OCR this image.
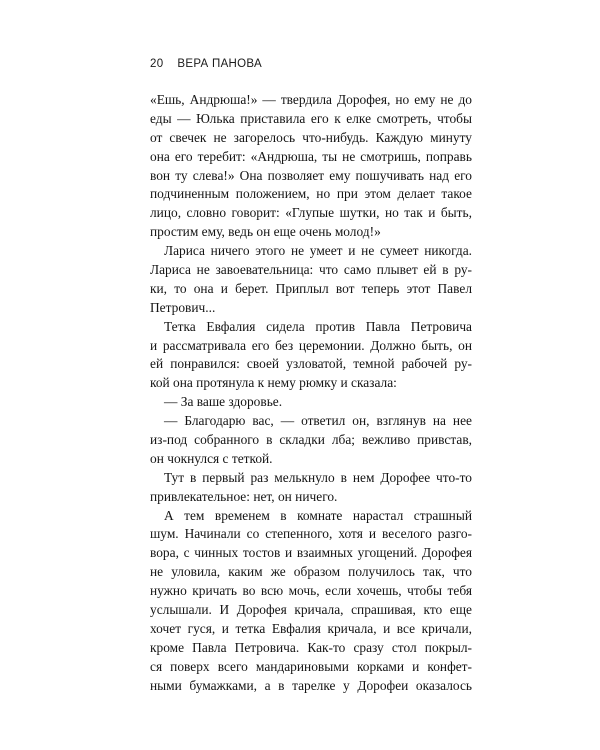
20 ВЕРА ПАНОВА
«Ешь, Андрюша!» — твердила Дорофея, но ему не до
еды — Юлька приставила его к елке смотреть, чтобы
от свечек не загорелось что-нибудь. Каждую минуту
она его теребит: «Андрюша, ты не смотришь, поправь
вон ту слева!» Она позволяет ему пошучивать над его
подчиненным положением, но при этом делает такое
лицо, словно говорит: «Глупые шутки, но так и быть,
простим ему, ведь он еще очень молод!»
Лариса ничего этого не умеет и не сумеет никогда.
Лариса не завоевательница: что само плывет ей в ру-
ки, то она и берет. Приплыл вот теперь этот Павел
Петрович...
Тетка Евфалия сидела против Павла Петровича
и рассматривала его без церемонии. Должно быть, он
ей понравился: своей узловатой, темной рабочей ру-
кой она протянула к нему рюмку и сказала:
— За ваше здоровье.
— Благодарю вас, — ответил он, взглянув на нее
из-под собранного в складки лба; вежливо привстав,
он чокнулся с теткой.
Тут в первый раз мелькнуло в нем Дорофее что-то
привлекательное: нет, он ничего.
А тем временем в комнате нарастал страшный
шум. Начинали со степенного, хотя и веселого разго-
вора, с чинных тостов и взаимных угощений. Дорофея
не уловила, каким же образом получилось так, что
нужно кричать во всю мочь, если хочешь, чтобы тебя
услышали. И Дорофея кричала, спрашивая, кто еще
хочет гуся, и тетка Евфалия кричала, и все кричали,
кроме Павла Петровича. Как-то сразу стол покрыл-
ся поверх всего мандариновыми корками и конфет-
ными бумажками, а в тарелке у Дорофеи оказалось
